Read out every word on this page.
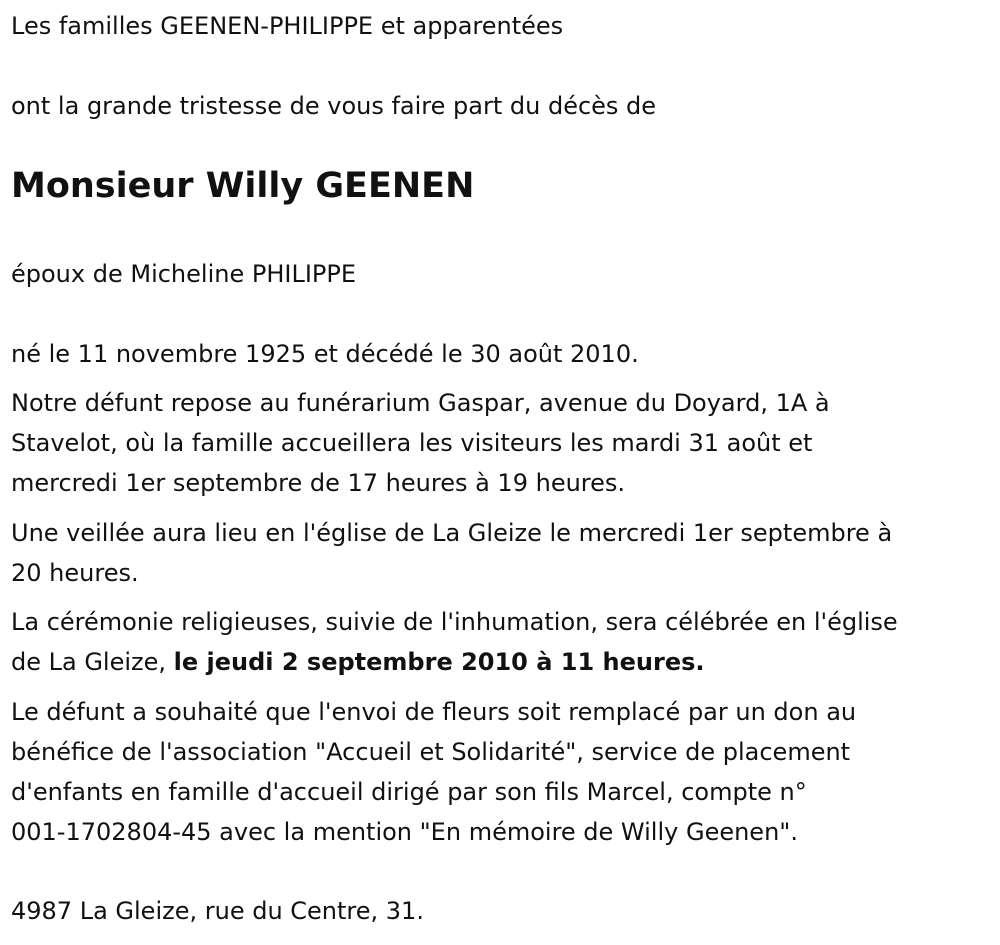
Les familles GEENEN-PHILIPPE et apparentées

ont la grande tristesse de vous faire part du décès de

Monsieur Willy GEENEN

époux de Micheline PHILIPPE

né le 11 novembre 1925 et décédé le 30 août 2010.

Notre défunt repose au funérarium Gaspar, avenue du Doyard, 1A à

Stavelot, où la famille accueillera les visiteurs les mardi 31 août et

mercredi 1er septembre de 17 heures à 19 heures.

Une veillée aura lieu en l'église de La Gleize le mercredi 1er septembre à

20 heures.

La cérémonie religieuses, suivie de l'inhumation, sera célébrée en l'église

de La Gleize, le jeudi 2 septembre 2010 à 11 heures.

Le défunt a souhaité que l'envoi de fleurs soit remplacé par un don au

bénéfice de l'association "Accueil et Solidarité", service de placement

d'enfants en famille d'accueil dirigé par son fils Marcel, compte n°

001-1702804-45 avec la mention "En mémoire de Willy Geenen".

4987 La Gleize, rue du Centre, 31.
